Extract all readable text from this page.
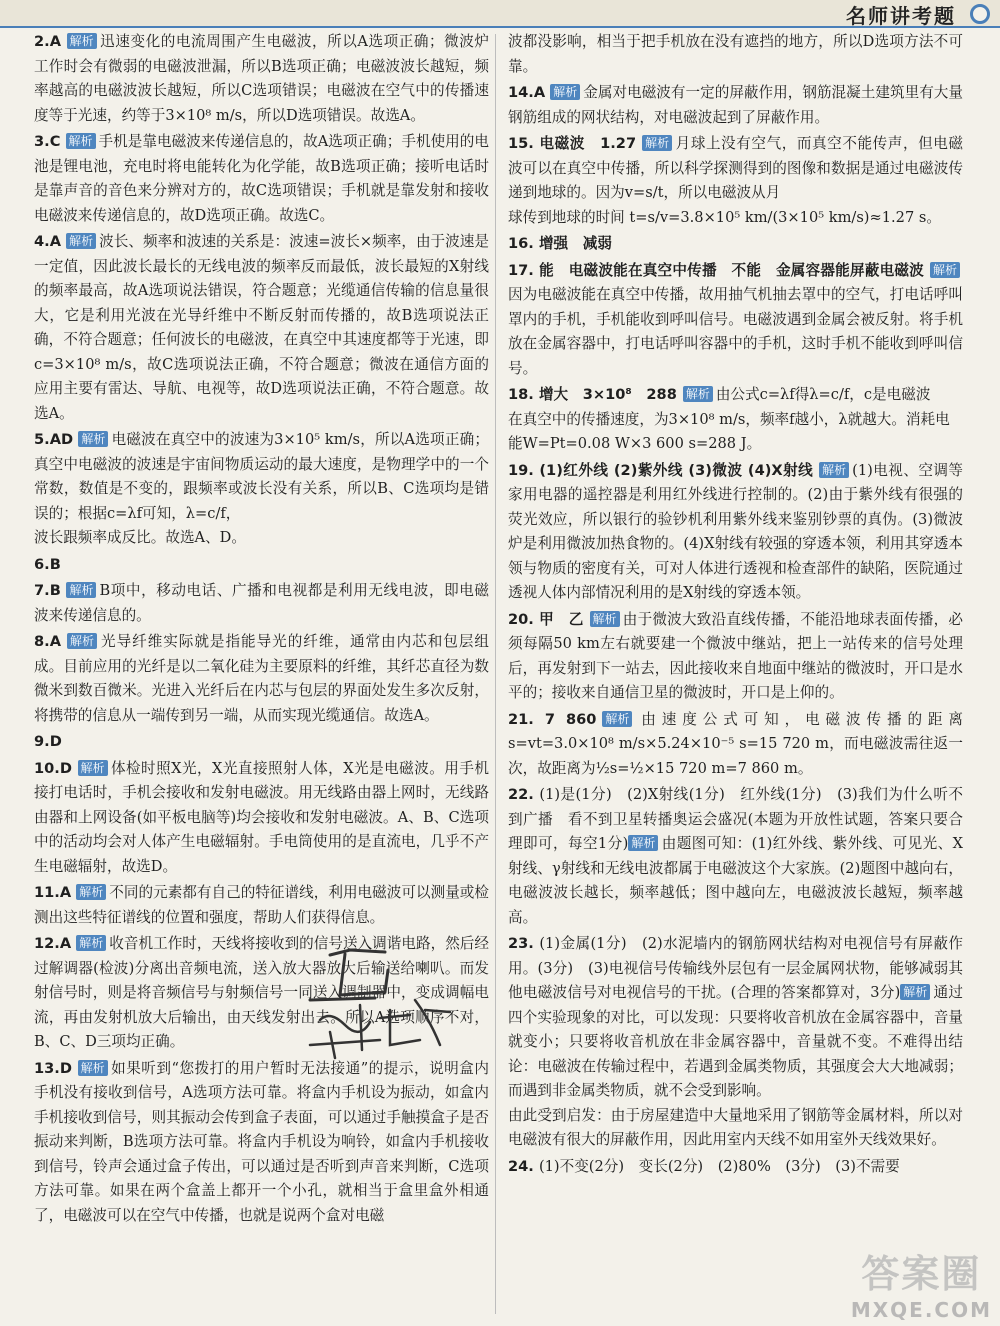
名师讲考题
2.A 解析 迅速变化的电流周围产生电磁波，所以A选项正确；微波炉工作时会有微弱的电磁波泄漏，所以B选项正确；电磁波波长越短，频率越高的电磁波波长越短，所以C选项错误；电磁波在空气中的传播速度等于光速，约等于3×10⁸ m/s，所以D选项错误。故选A。
3.C 解析 手机是靠电磁波来传递信息的，故A选项正确；手机使用的电池是锂电池，充电时将电能转化为化学能，故B选项正确；接听电话时是靠声音的音色来分辨对方的，故C选项错误；手机就是靠发射和接收电磁波来传递信息的，故D选项正确。故选C。
4.A 解析 波长、频率和波速的关系是：波速=波长×频率，由于波速是一定值，因此波长最长的无线电波的频率反而最低，波长最短的X射线的频率最高，故A选项说法错误，符合题意；光缆通信传输的信息量很大，它是利用光波在光导纤维中不断反射而传播的，故B选项说法正确，不符合题意；任何波长的电磁波，在真空中其速度都等于光速，即c=3×10⁸ m/s，故C选项说法正确，不符合题意；微波在通信方面的应用主要有雷达、导航、电视等，故D选项说法正确，不符合题意。故选A。
5.AD 解析 电磁波在真空中的波速为3×10⁵ km/s，所以A选项正确；真空中电磁波的波速是宇宙间物质运动的最大速度，是物理学中的一个常数，数值是不变的，跟频率或波长没有关系，所以B、C选项均是错误的；根据c=λf可知，λ=c/f，
波长跟频率成反比。故选A、D。
6.B
7.B 解析 B项中，移动电话、广播和电视都是利用无线电波，即电磁波来传递信息的。
8.A 解析 光导纤维实际就是指能导光的纤维，通常由内芯和包层组成。目前应用的光纤是以二氧化硅为主要原料的纤维，其纤芯直径为数微米到数百微米。光进入光纤后在内芯与包层的界面处发生多次反射，将携带的信息从一端传到另一端，从而实现光缆通信。故选A。
9.D
10.D 解析 体检时照X光，X光直接照射人体，X光是电磁波。用手机接打电话时，手机会接收和发射电磁波。用无线路由器上网时，无线路由器和上网设备(如平板电脑等)均会接收和发射电磁波。A、B、C选项中的活动均会对人体产生电磁辐射。手电筒使用的是直流电，几乎不产生电磁辐射，故选D。
11.A 解析 不同的元素都有自己的特征谱线，利用电磁波可以测量或检测出这些特征谱线的位置和强度，帮助人们获得信息。
12.A 解析 收音机工作时，天线将接收到的信号送入调谐电路，然后经过解调器(检波)分离出音频电流，送入放大器放大后输送给喇叭。而发射信号时，则是将音频信号与射频信号一同送入调制器中，变成调幅电流，再由发射机放大后输出，由天线发射出去。所以A选项顺序不对，B、C、D三项均正确。
13.D 解析 如果听到“您拨打的用户暂时无法接通”的提示，说明盒内手机没有接收到信号，A选项方法可靠。将盒内手机设为振动，如盒内手机接收到信号，则其振动会传到盒子表面，可以通过手触摸盒子是否振动来判断，B选项方法可靠。将盒内手机设为响铃，如盒内手机接收到信号，铃声会通过盒子传出，可以通过是否听到声音来判断，C选项方法可靠。如果在两个盒盖上都开一个小孔，就相当于盒里盒外相通了，电磁波可以在空气中传播，也就是说两个盒对电磁
波都没影响，相当于把手机放在没有遮挡的地方，所以D选项方法不可靠。
14.A 解析 金属对电磁波有一定的屏蔽作用，钢筋混凝土建筑里有大量钢筋组成的网状结构，对电磁波起到了屏蔽作用。
15. 电磁波　1.27 解析 月球上没有空气，而真空不能传声，但电磁波可以在真空中传播，所以科学探测得到的图像和数据是通过电磁波传递到地球的。因为v=s/t，所以电磁波从月
球传到地球的时间 t=s/v=3.8×10⁵ km/(3×10⁵ km/s)≈1.27 s。
16. 增强　减弱
17. 能　电磁波能在真空中传播　不能　金属容器能屏蔽电磁波 解析因为电磁波能在真空中传播，故用抽气机抽去罩中的空气，打电话呼叫罩内的手机，手机能收到呼叫信号。电磁波遇到金属会被反射。将手机放在金属容器中，打电话呼叫容器中的手机，这时手机不能收到呼叫信号。
18. 增大　3×10⁸　288 解析 由公式c=λf得λ=c/f，c是电磁波
在真空中的传播速度，为3×10⁸ m/s，频率f越小，λ就越大。消耗电能W=Pt=0.08 W×3 600 s=288 J。
19. (1)红外线 (2)紫外线 (3)微波 (4)X射线 解析 (1)电视、空调等家用电器的遥控器是利用红外线进行控制的。(2)由于紫外线有很强的荧光效应，所以银行的验钞机利用紫外线来鉴别钞票的真伪。(3)微波炉是利用微波加热食物的。(4)X射线有较强的穿透本领，利用其穿透本领与物质的密度有关，可对人体进行透视和检查部件的缺陷，医院通过透视人体内部情况利用的是X射线的穿透本领。
20. 甲　乙 解析 由于微波大致沿直线传播，不能沿地球表面传播，必须每隔50 km左右就要建一个微波中继站，把上一站传来的信号处理后，再发射到下一站去，因此接收来自地面中继站的微波时，开口是水平的；接收来自通信卫星的微波时，开口是上仰的。
21. 7 860 解析 由速度公式可知，电磁波传播的距离s=vt=3.0×10⁸ m/s×5.24×10⁻⁵ s=15 720 m，而电磁波需往返一次，故距离为½s=½×15 720 m=7 860 m。
22. (1)是(1分)　(2)X射线(1分)　红外线(1分)　(3)我们为什么听不到广播　看不到卫星转播奥运会盛况(本题为开放性试题，答案只要合理即可，每空1分) 解析 由题图可知：(1)红外线、紫外线、可见光、X射线、γ射线和无线电波都属于电磁波这个大家族。(2)题图中越向右，电磁波波长越长，频率越低；图中越向左，电磁波波长越短，频率越高。
23. (1)金属(1分)　(2)水泥墙内的钢筋网状结构对电视信号有屏蔽作用。(3分)　(3)电视信号传输线外层包有一层金属网状物，能够减弱其他电磁波信号对电视信号的干扰。(合理的答案都算对，3分) 解析 通过四个实验现象的对比，可以发现：只要将收音机放在金属容器中，音量就变小；只要将收音机放在非金属容器中，音量就不变。不难得出结论：电磁波在传输过程中，若遇到金属类物质，其强度会大大地减弱；而遇到非金属类物质，就不会受到影响。
由此受到启发：由于房屋建造中大量地采用了钢筋等金属材料，所以对电磁波有很大的屏蔽作用，因此用室内天线不如用室外天线效果好。
24. (1)不变(2分)　变长(2分)　(2)80%　(3分)　(3)不需要
答案圈
MXQE.COM
